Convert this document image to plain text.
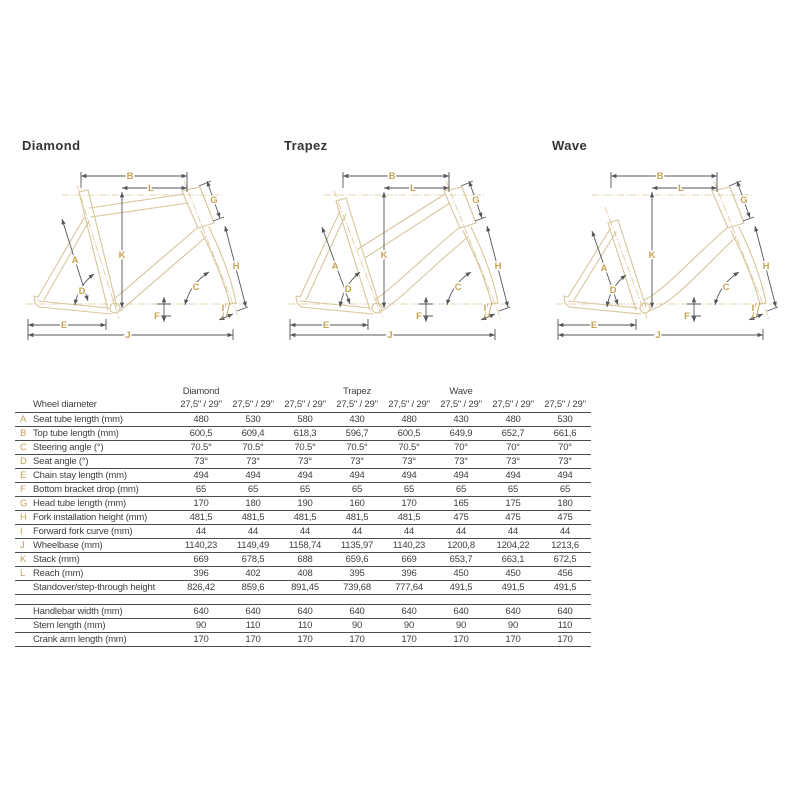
Diamond
A
B
C
D
E
F
G
H
I
J
K
L
Trapez
A
B
C
D
E
F
G
H
I
J
K
L
Wave
A
B
C
D
E
F
G
H
I
J
K
L
	Diamond			Trapez		Wave		
Wheel diameter	27,5" / 29"	27,5" / 29"	27,5" / 29"	27,5" / 29"	27,5" / 29"	27,5" / 29"	27,5" / 29"	27,5" / 29"
A Seat tube length (mm)	480	530	580	430	480	430	480	530
B Top tube length (mm)	600,5	609,4	618,3	596,7	600,5	649,9	652,7	661,6
C Steering angle (°)	70.5°	70.5°	70.5°	70.5°	70.5°	70°	70°	70°
D Seat angle (°)	73°	73°	73°	73°	73°	73°	73°	73°
E Chain stay length (mm)	494	494	494	494	494	494	494	494
F Bottom bracket drop (mm)	65	65	65	65	65	65	65	65
G Head tube length (mm)	170	180	190	160	170	165	175	180
H Fork installation height (mm)	481,5	481,5	481,5	481,5	481,5	475	475	475
I Forward fork curve (mm)	44	44	44	44	44	44	44	44
J Wheelbase (mm)	1140,23	1149,49	1158,74	1135,97	1140,23	1200,8	1204,22	1213,6
K Stack (mm)	669	678,5	688	659,6	669	653,7	663,1	672,5
L Reach (mm)	396	402	408	395	396	450	450	456
Standover/step-through height	826,42	859,6	891,45	739,68	777,64	491,5	491,5	491,5
Handlebar width (mm)	640	640	640	640	640	640	640	640
Stem length (mm)	90	110	110	90	90	90	90	110
Crank arm length (mm)	170	170	170	170	170	170	170	170
